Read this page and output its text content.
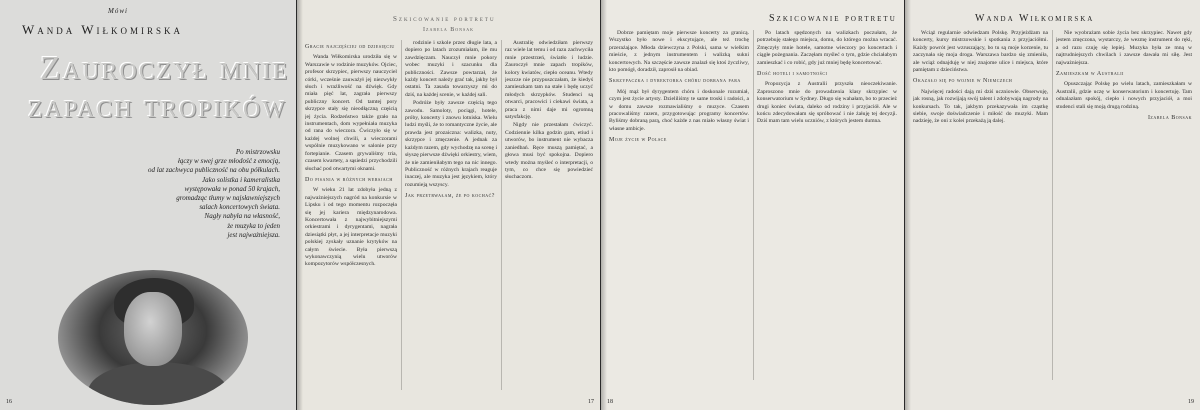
Mówi
Wanda Wiłkomirska
Zauroczył mnie
zapach tropików
Po mistrzowsku
łączy w swej grze młodość z emocją,
od lat zachwyca publiczność na obu półkulach.
Jako solistka i kameralistka
występowała w ponad 50 krajach,
gromadząc tłumy w najsławniejszych
salach koncertowych świata.
Nagły nabyła na własność,
że muzyka to jeden
jest najważniejsza.
16
Szkicowanie portretu
Izabela Bonsak
Gracie najczęściej od dziesięciu

Wanda Wiłkomirska urodziła się w Warszawie w rodzinie muzyków. Ojciec, profesor skrzypiec, pierwszy nauczyciel córki, wcześnie zauważył jej niezwykły słuch i wrażliwość na dźwięk. Gdy miała pięć lat, zagrała pierwszy publiczny koncert. Od tamtej pory skrzypce stały się nieodłączną częścią jej życia. Rodzeństwo także grało na instrumentach, dom wypełniała muzyka od rana do wieczora. Ćwiczyło się w każdej wolnej chwili, a wieczorami wspólnie muzykowano w salonie przy fortepianie. Czasem grywaliśmy tria, czasem kwartety, a sąsiedzi przychodzili słuchać pod otwartymi oknami.

Do pisania w różnych wersjach

W wieku 21 lat zdobyła jedną z najważniejszych nagród na konkursie w Lipsku i od tego momentu rozpoczęła się jej kariera międzynarodowa. Koncertowała z najwybitniejszymi orkiestrami i dyrygentami, nagrała dziesiątki płyt, a jej interpretacje muzyki polskiej zyskały uznanie krytyków na całym świecie. Była pierwszą wykonawczynią wielu utworów kompozytorów współczesnych.

rodzinie i szkole przez długie lata, a dopiero po latach zrozumiałam, ile mu zawdzięczam. Nauczył mnie pokory wobec muzyki i szacunku dla publiczności. Zawsze powtarzał, że każdy koncert należy grać tak, jakby był ostatni. Ta zasada towarzyszy mi do dziś, na każdej scenie, w każdej sali.

Podróże były zawsze częścią tego zawodu. Samoloty, pociągi, hotele, próby, koncerty i znowu lotniska. Wielu ludzi myśli, że to romantyczne życie, ale prawda jest prozaiczna: walizka, nuty, skrzypce i zmęczenie. A jednak za każdym razem, gdy wychodzę na scenę i słyszę pierwsze dźwięki orkiestry, wiem, że nie zamieniłabym tego na nic innego. Publiczność w różnych krajach reaguje inaczej, ale muzyka jest językiem, który rozumieją wszyscy.

Jak przetrwałam, że po kochać?

Australię odwiedziłam pierwszy raz wiele lat temu i od razu zachwyciła mnie przestrzeń, światło i ludzie. Zauroczył mnie zapach tropików, kolory kwiatów, ciepło oceanu. Wtedy jeszcze nie przypuszczałam, że kiedyś zamieszkam tam na stałe i będę uczyć młodych skrzypków. Studenci są otwarci, pracowici i ciekawi świata, a praca z nimi daje mi ogromną satysfakcję.

Nigdy nie przestałam ćwiczyć. Codziennie kilka godzin gam, etiud i utworów, bo instrument nie wybacza zaniedbań. Ręce muszą pamiętać, a głowa musi być spokojna. Dopiero wtedy można myśleć o interpretacji, o tym, co chce się powiedzieć słuchaczom.

17
Szkicowanie portretu

Dobrze pamiętam moje pierwsze koncerty za granicą. Wszystko było nowe i ekscytujące, ale też trochę przerażające. Młoda dziewczyna z Polski, sama w wielkim mieście, z jednym instrumentem i walizką sukni koncertowych. Na szczęście zawsze znalazł się ktoś życzliwy, kto pomógł, doradził, zaprosił na obiad.

Skrzypaczka i dyrektorka chóru dobrana para

Mój mąż był dyrygentem chóru i doskonale rozumiał, czym jest życie artysty. Dzieliliśmy te same troski i radości, a w domu zawsze rozmawialiśmy o muzyce. Czasem pracowaliśmy razem, przygotowując programy koncertów. Byliśmy dobraną parą, choć każde z nas miało własny świat i własne ambicje.

Moje życie w Polsce

Po latach spędzonych na walizkach poczułam, że potrzebuję stałego miejsca, domu, do którego można wracać. Zmęczyły mnie hotele, samotne wieczory po koncertach i ciągłe pożegnania. Zaczęłam myśleć o tym, gdzie chciałabym zamieszkać i co robić, gdy już mniej będę koncertować.

Dość hoteli i samotności

Propozycja z Australii przyszła nieoczekiwanie. Zaproszono mnie do prowadzenia klasy skrzypiec w konserwatorium w Sydney. Długo się wahałam, bo to przecież drugi koniec świata, daleko od rodziny i przyjaciół. Ale w końcu zdecydowałam się spróbować i nie żałuję tej decyzji. Dziś mam tam wielu uczniów, z których jestem dumna.

18
Wanda Wiłkomirska

Wciąż regularnie odwiedzam Polskę. Przyjeżdżam na koncerty, kursy mistrzowskie i spotkania z przyjaciółmi. Każdy powrót jest wzruszający, bo tu są moje korzenie, tu zaczynała się moja droga. Warszawa bardzo się zmieniła, ale wciąż odnajduję w niej znajome ulice i miejsca, które pamiętam z dzieciństwa.

Okazało się po wojnie w Niemczech

Najwięcej radości dają mi dziś uczniowie. Obserwuję, jak rosną, jak rozwijają swój talent i zdobywają nagrody na konkursach. To tak, jakbym przekazywała im cząstkę siebie, swoje doświadczenie i miłość do muzyki. Mam nadzieję, że oni z kolei przekażą ją dalej.

Nie wyobrażam sobie życia bez skrzypiec. Nawet gdy jestem zmęczona, wystarczy, że wezmę instrument do ręki, a od razu czuję się lepiej. Muzyka była ze mną w najtrudniejszych chwilach i zawsze dawała mi siłę. Jest najważniejsza.

Zamieszkam w Australii

Opuszczając Polskę po wielu latach, zamieszkałam w Australii, gdzie uczę w konserwatorium i koncertuję. Tam odnalazłam spokój, ciepło i nowych przyjaciół, a moi studenci stali się moją drugą rodziną.

Izabela Bonsak
19
